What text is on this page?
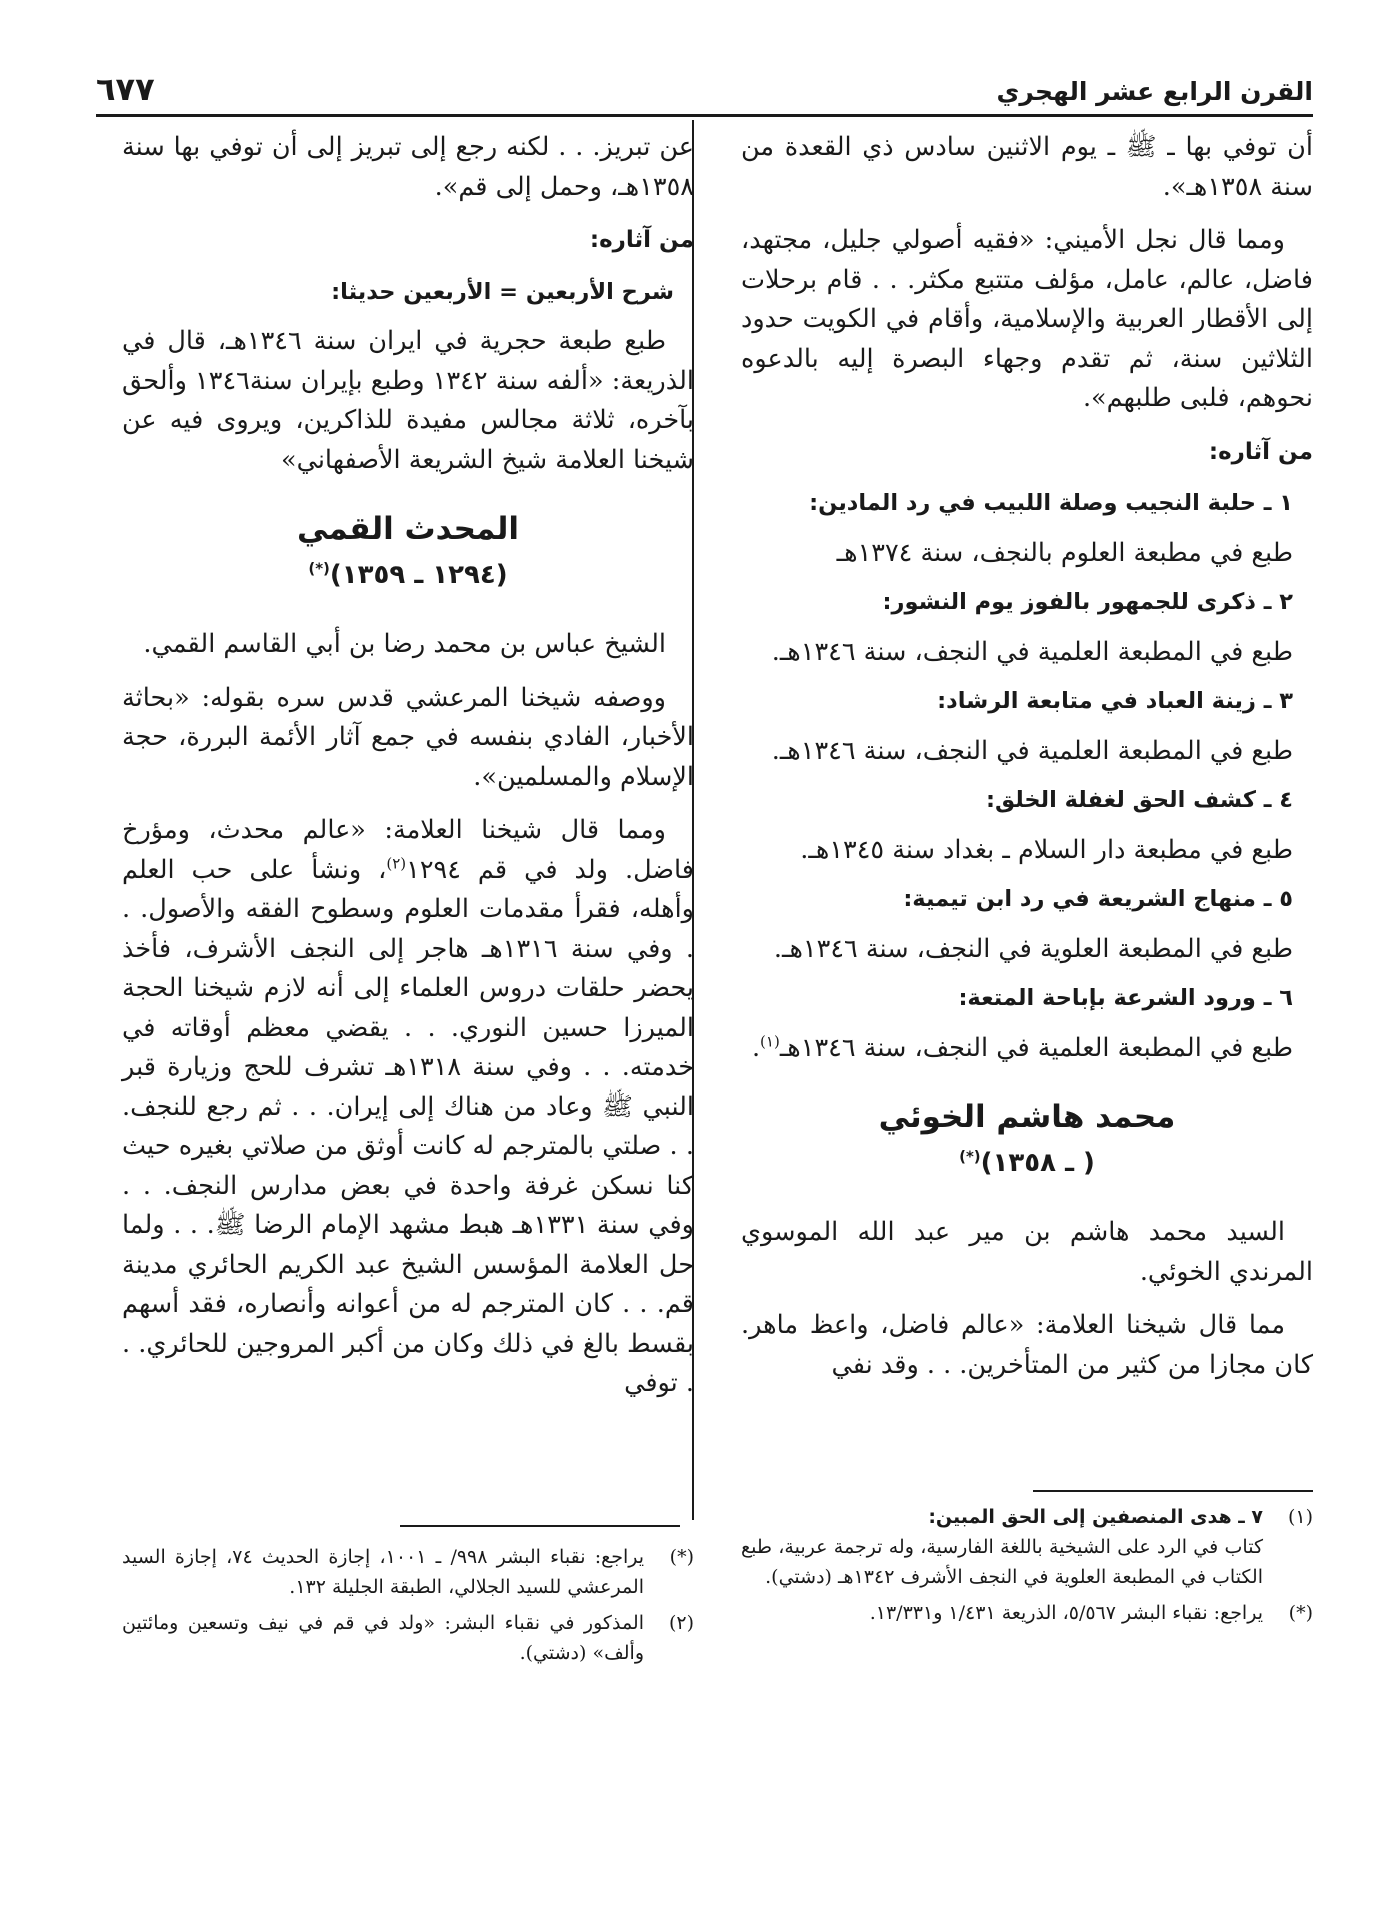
القرن الرابع عشر الهجري
٦٧٧

أن توفي بها ـ ﷺ ـ يوم الاثنين سادس ذي القعدة من سنة ١٣٥٨هـ».

ومما قال نجل الأميني: «فقيه أصولي جليل، مجتهد، فاضل، عالم، عامل، مؤلف متتبع مكثر. . . قام برحلات إلى الأقطار العربية والإسلامية، وأقام في الكويت حدود الثلاثين سنة، ثم تقدم وجهاء البصرة إليه بالدعوه نحوهم، فلبى طلبهم».

من آثاره:
١ ـ حلبة النجيب وصلة اللبيب في رد المادين:

طبع في مطبعة العلوم بالنجف، سنة ١٣٧٤هـ

٢ ـ ذكرى للجمهور بالفوز يوم النشور:

طبع في المطبعة العلمية في النجف، سنة ١٣٤٦هـ.

٣ ـ زينة العباد في متابعة الرشاد:

طبع في المطبعة العلمية في النجف، سنة ١٣٤٦هـ.

٤ ـ كشف الحق لغفلة الخلق:

طبع في مطبعة دار السلام ـ بغداد سنة ١٣٤٥هـ.

٥ ـ منهاج الشريعة في رد ابن تيمية:

طبع في المطبعة العلوية في النجف، سنة ١٣٤٦هـ.

٦ ـ ورود الشرعة بإباحة المتعة:

طبع في المطبعة العلمية في النجف، سنة ١٣٤٦هـ$^{(١)}$.

محمد هاشم الخوئي
( ـ ١٣٥٨)(*)

السيد محمد هاشم بن مير عبد الله الموسوي المرندي الخوئي.

مما قال شيخنا العلامة: «عالم فاضل، واعظ ماهر. كان مجازا من كثير من المتأخرين. . . وقد نفي

(١)
٧ ـ هدى المنصفين إلى الحق المبين:
كتاب في الرد على الشيخية باللغة الفارسية، وله ترجمة عربية، طبع الكتاب في المطبعة العلوية في النجف الأشرف ١٣٤٢هـ (دشتي).
(*)
يراجع: نقباء البشر ٥/٥٦٧، الذريعة ١/٤٣١ و١٣/٣٣١.

عن تبريز. . . لكنه رجع إلى تبريز إلى أن توفي بها سنة ١٣٥٨هـ، وحمل إلى قم».

من آثاره:
شرح الأربعين = الأربعين حديثا:

طبع طبعة حجرية في ايران سنة ١٣٤٦هـ، قال في الذريعة: «ألفه سنة ١٣٤٢ وطبع بإيران سنة١٣٤٦ وألحق بآخره، ثلاثة مجالس مفيدة للذاكرين، ويروى فيه عن شيخنا العلامة شيخ الشريعة الأصفهاني»

المحدث القمي
(١٢٩٤ ـ ١٣٥٩)(*)

الشيخ عباس بن محمد رضا بن أبي القاسم القمي.

ووصفه شيخنا المرعشي قدس سره بقوله: «بحاثة الأخبار، الفادي بنفسه في جمع آثار الأئمة البررة، حجة الإسلام والمسلمين».

ومما قال شيخنا العلامة: «عالم محدث، ومؤرخ فاضل. ولد في قم ١٢٩٤$^{(٢)}$، ونشأ على حب العلم وأهله، فقرأ مقدمات العلوم وسطوح الفقه والأصول. . . وفي سنة ١٣١٦هـ هاجر إلى النجف الأشرف، فأخذ يحضر حلقات دروس العلماء إلى أنه لازم شيخنا الحجة الميرزا حسين النوري. . . يقضي معظم أوقاته في خدمته. . . وفي سنة ١٣١٨هـ تشرف للحج وزيارة قبر النبي ﷺ وعاد من هناك إلى إيران. . . ثم رجع للنجف. . . صلتي بالمترجم له كانت أوثق من صلاتي بغيره حيث كنا نسكن غرفة واحدة في بعض مدارس النجف. . . وفي سنة ١٣٣١هـ هبط مشهد الإمام الرضا ﷺ. . . ولما حل العلامة المؤسس الشيخ عبد الكريم الحائري مدينة قم. . . كان المترجم له من أعوانه وأنصاره، فقد أسهم بقسط بالغ في ذلك وكان من أكبر المروجين للحائري. . . توفي

(*)
يراجع: نقباء البشر ٩٩٨/ ـ ١٠٠١، إجازة الحديث ٧٤، إجازة السيد المرعشي للسيد الجلالي، الطبقة الجليلة ١٣٢.
(٢)
المذكور في نقباء البشر: «ولد في قم في نيف وتسعين ومائتين وألف» (دشتي).
